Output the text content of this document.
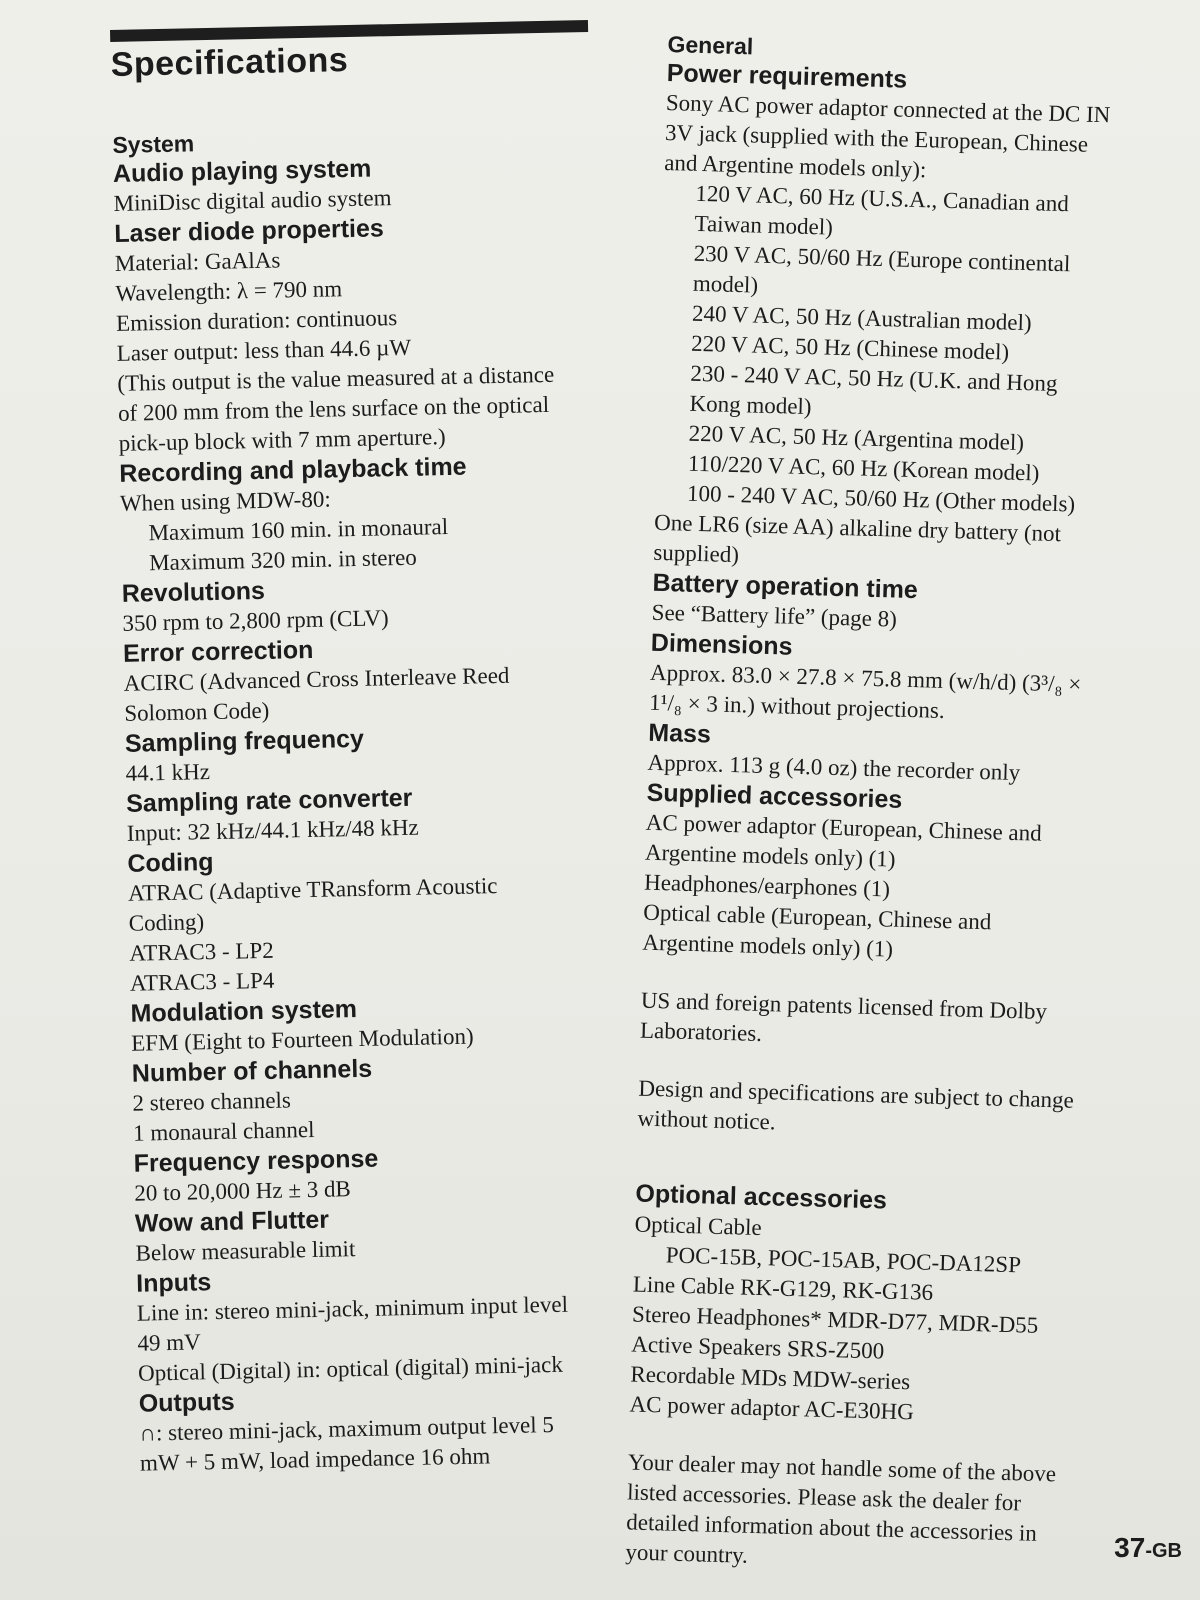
Specifications

System

Audio playing system

MiniDisc digital audio system

Laser diode properties

Material: GaAlAs

Wavelength: λ = 790 nm

Emission duration: continuous

Laser output: less than 44.6 µW

(This output is the value measured at a distance

of 200 mm from the lens surface on the optical

pick-up block with 7 mm aperture.)

Recording and playback time

When using MDW-80:

Maximum 160 min. in monaural

Maximum 320 min. in stereo

Revolutions

350 rpm to 2,800 rpm (CLV)

Error correction

ACIRC (Advanced Cross Interleave Reed

Solomon Code)

Sampling frequency

44.1 kHz

Sampling rate converter

Input: 32 kHz/44.1 kHz/48 kHz

Coding

ATRAC (Adaptive TRansform Acoustic

Coding)

ATRAC3 - LP2

ATRAC3 - LP4

Modulation system

EFM (Eight to Fourteen Modulation)

Number of channels

2 stereo channels

1 monaural channel

Frequency response

20 to 20,000 Hz ± 3 dB

Wow and Flutter

Below measurable limit

Inputs

Line in: stereo mini-jack, minimum input level

49 mV

Optical (Digital) in: optical (digital) mini-jack

Outputs

∩: stereo mini-jack, maximum output level 5

mW + 5 mW, load impedance 16 ohm

General

Power requirements

Sony AC power adaptor connected at the DC IN

3V jack (supplied with the European, Chinese

and Argentine models only):

120 V AC, 60 Hz (U.S.A., Canadian and

Taiwan model)

230 V AC, 50/60 Hz (Europe continental

model)

240 V AC, 50 Hz (Australian model)

220 V AC, 50 Hz (Chinese model)

230 - 240 V AC, 50 Hz (U.K. and Hong

Kong model)

220 V AC, 50 Hz (Argentina model)

110/220 V AC, 60 Hz (Korean model)

100 - 240 V AC, 50/60 Hz (Other models)

One LR6 (size AA) alkaline dry battery (not

supplied)

Battery operation time

See “Battery life” (page 8)

Dimensions

Approx. 83.0 × 27.8 × 75.8 mm (w/h/d) (3³/₈ ×

1¹/₈ × 3 in.) without projections.

Mass

Approx. 113 g (4.0 oz) the recorder only

Supplied accessories

AC power adaptor (European, Chinese and

Argentine models only) (1)

Headphones/earphones (1)

Optical cable (European, Chinese and

Argentine models only) (1)

US and foreign patents licensed from Dolby

Laboratories.

Design and specifications are subject to change

without notice.

Optional accessories

Optical Cable

POC-15B, POC-15AB, POC-DA12SP

Line Cable RK-G129, RK-G136

Stereo Headphones* MDR-D77, MDR-D55

Active Speakers SRS-Z500

Recordable MDs MDW-series

AC power adaptor AC-E30HG

Your dealer may not handle some of the above

listed accessories. Please ask the dealer for

detailed information about the accessories in

your country.	37-GB
